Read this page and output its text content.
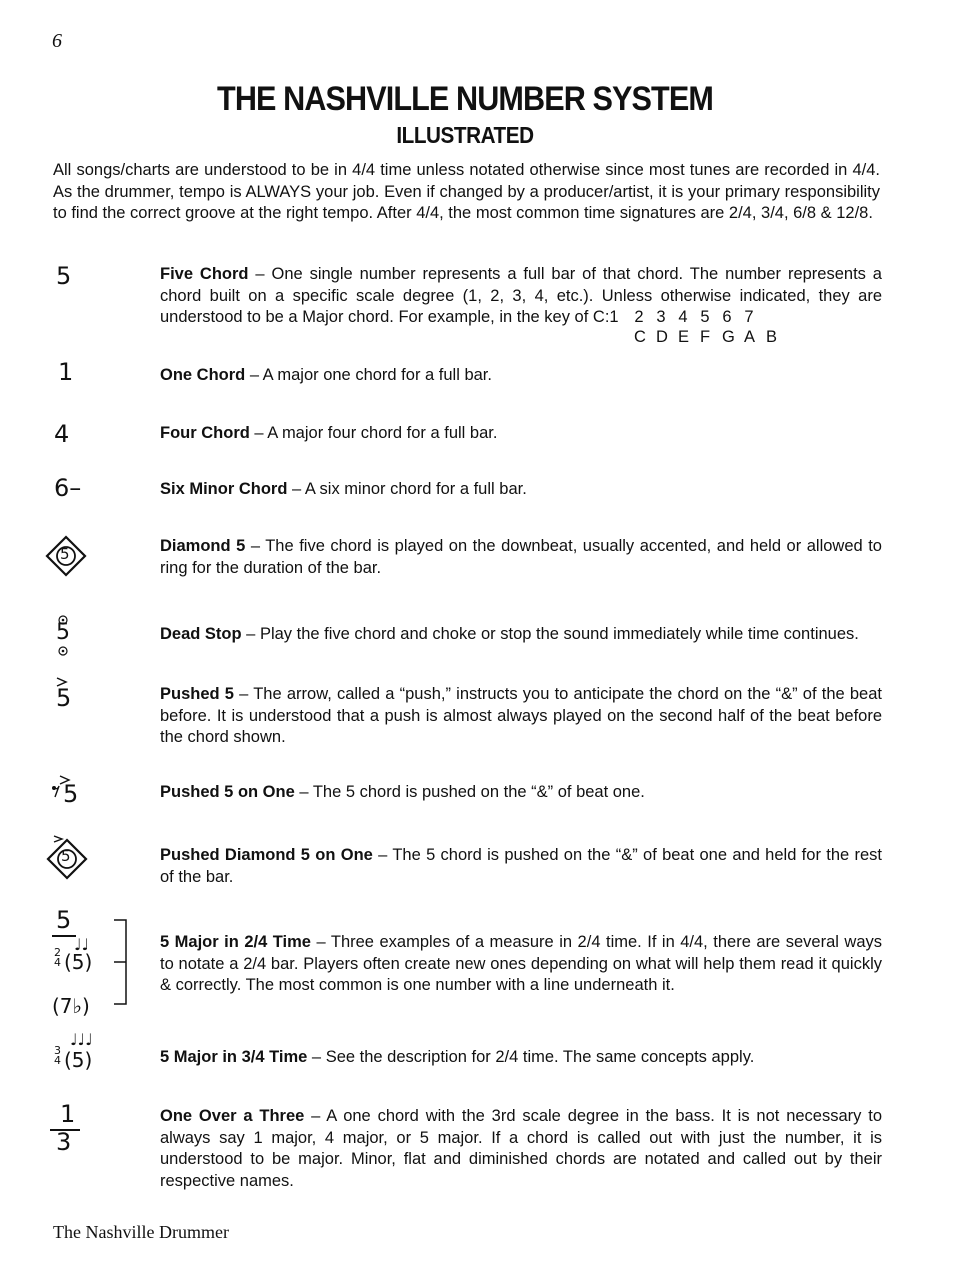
6
THE NASHVILLE NUMBER SYSTEM
ILLUSTRATED
All songs/charts are understood to be in 4/4 time unless notated otherwise since most tunes are recorded in 4/4. As the drummer, tempo is ALWAYS your job. Even if changed by a producer/artist, it is your primary responsibility to find the correct groove at the right tempo. After 4/4, the most common time signatures are 2/4, 3/4, 6/8 & 12/8.
5
1
4
6–
5
5
5
5
5
5
♩♩
2
4 (5)
(7♭)
♩♩♩
3
4 (5)
1
3
Five Chord – One single number represents a full bar of that chord. The number represents a chord built on a specific scale degree (1, 2, 3, 4, etc.). Unless otherwise indicated, they are understood to be a Major chord. For example, in the key of C:1 2 3 4 5 6 7
C D E F G A B
One Chord – A major one chord for a full bar.
Four Chord – A major four chord for a full bar.
Six Minor Chord – A six minor chord for a full bar.
Diamond 5 – The five chord is played on the downbeat, usually accented, and held or allowed to ring for the duration of the bar.
Dead Stop – Play the five chord and choke or stop the sound immediately while time continues.
Pushed 5 – The arrow, called a “push,” instructs you to anticipate the chord on the “&” of the beat before. It is understood that a push is almost always played on the second half of the beat before the chord shown.
Pushed 5 on One – The 5 chord is pushed on the “&” of beat one.
Pushed Diamond 5 on One – The 5 chord is pushed on the “&” of beat one and held for the rest of the bar.
5 Major in 2/4 Time – Three examples of a measure in 2/4 time. If in 4/4, there are several ways to notate a 2/4 bar. Players often create new ones depending on what will help them read it quickly & correctly. The most common is one number with a line underneath it.
5 Major in 3/4 Time – See the description for 2/4 time. The same concepts apply.
One Over a Three – A one chord with the 3rd scale degree in the bass. It is not necessary to always say 1 major, 4 major, or 5 major. If a chord is called out with just the number, it is understood to be major. Minor, flat and diminished chords are notated and called out by their respective names.
The Nashville Drummer
